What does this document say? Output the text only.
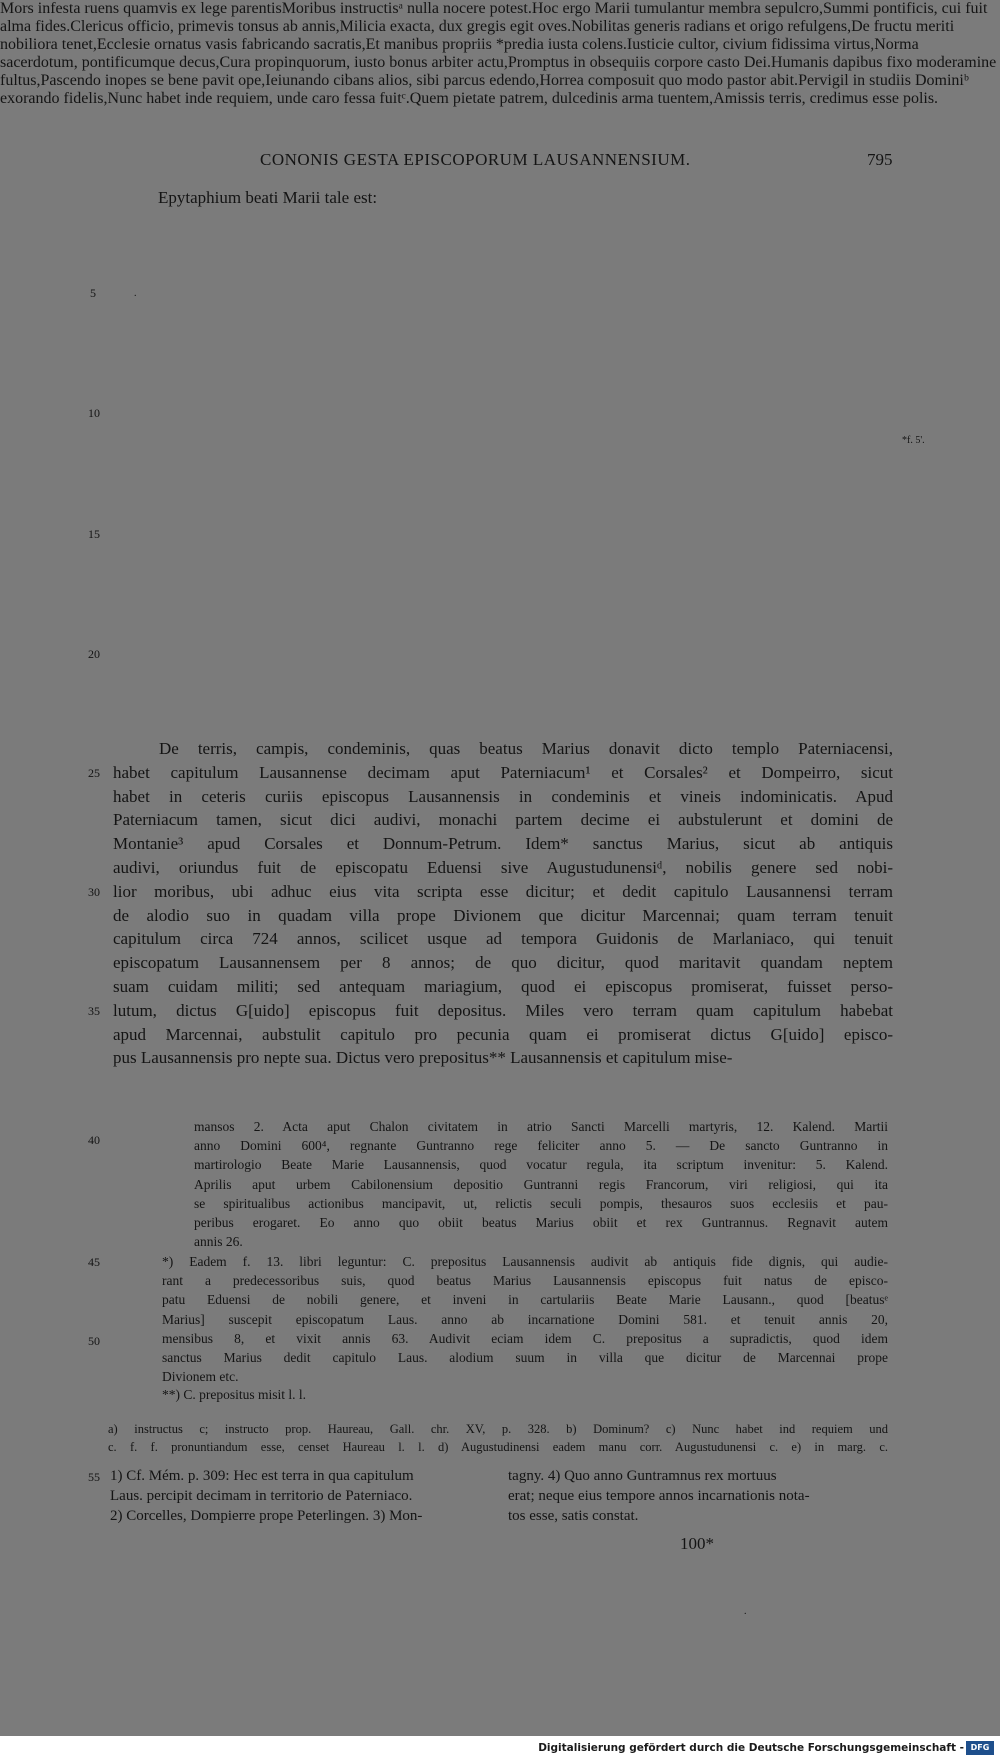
CONONIS GESTA EPISCOPORUM LAUSANNENSIUM.	795
Epytaphium beati Marii tale est:
Mors infesta ruens quamvis ex lege parentisMoribus instructisᵃ nulla nocere potest.Hoc ergo Marii tumulantur membra sepulcro,Summi pontificis, cui fuit alma fides.Clericus officio, primevis tonsus ab annis,Milicia exacta, dux gregis egit oves.Nobilitas generis radians et origo refulgens,De fructu meriti nobiliora tenet,Ecclesie ornatus vasis fabricando sacratis,Et manibus propriis *predia iusta colens.Iusticie cultor, civium fidissima virtus,Norma sacerdotum, pontificumque decus,Cura propinquorum, iusto bonus arbiter actu,Promptus in obsequiis corpore casto Dei.Humanis dapibus fixo moderamine fultus,Pascendo inopes se bene pavit ope,Ieiunando cibans alios, sibi parcus edendo,Horrea composuit quo modo pastor abit.Pervigil in studiis Dominiᵇ exorando fidelis,Nunc habet inde requiem, unde caro fessa fuitᶜ.Quem pietate patrem, dulcedinis arma tuentem,Amissis terris, credimus esse polis.
5
10
15
20
.
*f. 5'.
De terris, campis, condeminis, quas beatus Marius donavit dicto templo Paterniacensi,
habet capitulum Lausannense decimam aput Paterniacum¹ et Corsales² et Dompeirro, sicut
habet in ceteris curiis episcopus Lausannensis in condeminis et vineis indominicatis. Apud
Paterniacum tamen, sicut dici audivi, monachi partem decime ei aubstulerunt et domini de
Montanie³ apud Corsales et Donnum-Petrum. Idem* sanctus Marius, sicut ab antiquis
audivi, oriundus fuit de episcopatu Eduensi sive Augustudunensiᵈ, nobilis genere sed nobi-
lior moribus, ubi adhuc eius vita scripta esse dicitur; et dedit capitulo Lausannensi terram
de alodio suo in quadam villa prope Divionem que dicitur Marcennai; quam terram tenuit
capitulum circa 724 annos, scilicet usque ad tempora Guidonis de Marlaniaco, qui tenuit
episcopatum Lausannensem per 8 annos; de quo dicitur, quod maritavit quandam neptem
suam cuidam militi; sed antequam mariagium, quod ei episcopus promiserat, fuisset perso-
lutum, dictus G[uido] episcopus fuit depositus. Miles vero terram quam capitulum habebat
apud Marcennai, aubstulit capitulo pro pecunia quam ei promiserat dictus G[uido] episco-
pus Lausannensis pro nepte sua. Dictus vero prepositus** Lausannensis et capitulum mise-
25
30
35
mansos 2. Acta aput Chalon civitatem in atrio Sancti Marcelli martyris, 12. Kalend. Martii
anno Domini 600⁴, regnante Guntranno rege feliciter anno 5. — De sancto Guntranno in
martirologio Beate Marie Lausannensis, quod vocatur regula, ita scriptum invenitur: 5. Kalend.
Aprilis aput urbem Cabilonensium depositio Guntranni regis Francorum, viri religiosi, qui ita
se spiritualibus actionibus mancipavit, ut, relictis seculi pompis, thesauros suos ecclesiis et pau-
peribus erogaret. Eo anno quo obiit beatus Marius obiit et rex Guntrannus. Regnavit autem
annis 26.
40
*) Eadem f. 13. libri leguntur: C. prepositus Lausannensis audivit ab antiquis fide dignis, qui audie-
rant a predecessoribus suis, quod beatus Marius Lausannensis episcopus fuit natus de episco-
patu Eduensi de nobili genere, et inveni in cartulariis Beate Marie Lausann., quod [beatusᵉ
Marius] suscepit episcopatum Laus. anno ab incarnatione Domini 581. et tenuit annis 20,
mensibus 8, et vixit annis 63. Audivit eciam idem C. prepositus a supradictis, quod idem
sanctus Marius dedit capitulo Laus. alodium suum in villa que dicitur de Marcennai prope
Divionem etc.
45
50
**) C. prepositus misit l. l.
a) instructus c; instructo prop. Haureau, Gall. chr. XV, p. 328. b) Dominum? c) Nunc habet ind requiem und
c. f. f. pronuntiandum esse, censet Haureau l. l. d) Augustudinensi eadem manu corr. Augustudunensi c. e) in marg. c.
55 1) Cf. Mém. p. 309: Hec est terra in qua capitulum
Laus. percipit decimam in territorio de Paterniaco.
2) Corcelles, Dompierre prope Peterlingen. 3) Mon-
tagny. 4) Quo anno Guntramnus rex mortuus
erat; neque eius tempore annos incarnationis nota-
tos esse, satis constat.
100*
.
Digitalisierung gefördert durch die Deutsche Forschungsgemeinschaft - DFG
